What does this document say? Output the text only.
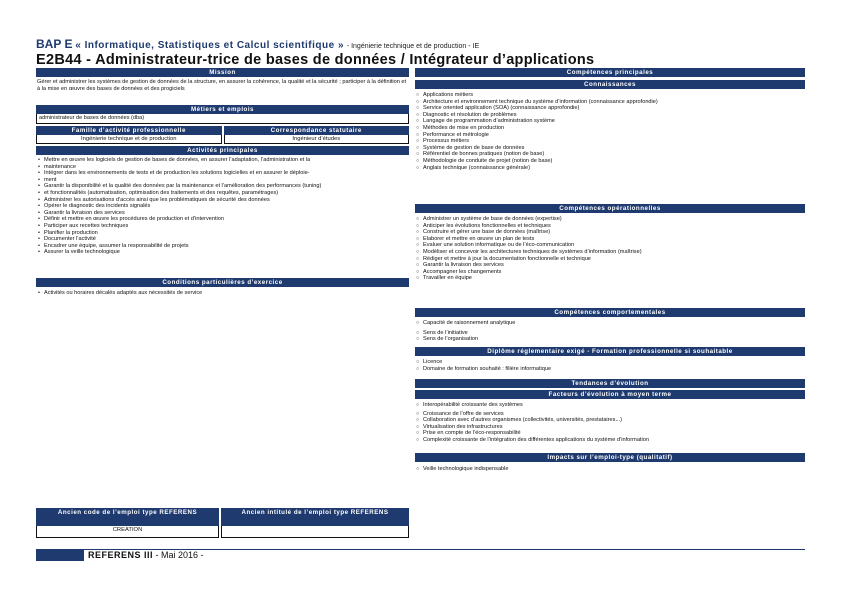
BAP E « Informatique, Statistiques et Calcul scientifique » - Ingénierie technique et de production - IE
E2B44 - Administrateur-trice de bases de données / Intégrateur d’applications
Mission
Gérer et administrer les systèmes de gestion de données de la structure, en assurer la cohérence, la qualité et la sécurité ; participer à la définition et à la mise en œuvre des bases de données et des progiciels
Métiers et emplois
administrateur de bases de données (dba)
Famille d’activité professionnelle	Correspondance statutaire
Ingénierie technique et de production	Ingénieur d’études
Activités principales
• Mettre en œuvre les logiciels de gestion de bases de données, en assurer l’adaptation, l’administration et la
• maintenance
• Intégrer dans les environnements de tests et de production les solutions logicielles et en assurer le déploie-
• ment
• Garantir la disponibilité et la qualité des données par la maintenance et l’amélioration des performances (tuning)
• et fonctionnalités (automatisation, optimisation des traitements et des requêtes, paramétrages)
• Administrer les autorisations d’accès ainsi que les problématiques de sécurité des données
• Opérer le diagnostic des incidents signalés
• Garantir la livraison des services
• Définir et mettre en œuvre les procédures de production et d’intervention
• Participer aux recettes techniques
• Planifier la production
• Documenter l’activité
• Encadrer une équipe, assumer la responsabilité de projets
• Assurer la veille technologique
Conditions particulières d’exercice
• Activités ou horaires décalés adaptés aux nécessités de service
Ancien code de l’emploi type REFERENS	Ancien intitulé de l’emploi type REFERENS
CREATION
Compétences principales
Connaissances
○ Applications métiers
○ Architecture et environnement technique du système d’information (connaissance approfondie)
○ Service oriented application (SOA) (connaissance approfondie)
○ Diagnostic et résolution de problèmes
○ Langage de programmation d’administration système
○ Méthodes de mise en production
○ Performance et métrologie
○ Processus métiers
○ Système de gestion de base de données
○ Référentiel de bonnes pratiques (notion de base)
○ Méthodologie de conduite de projet (notion de base)
○ Anglais technique (connaissance générale)
Compétences opérationnelles
○ Administrer un système de base de données (expertise)
○ Anticiper les évolutions fonctionnelles et techniques
○ Construire et gérer une base de données (maîtrise)
○ Elaborer et mettre en œuvre un plan de tests
○ Evaluer une solution informatique ou de l’éco-communication
○ Modéliser et concevoir les architectures techniques de systèmes d’information (maîtrise)
○ Rédiger et mettre à jour la documentation fonctionnelle et technique
○ Garantir la livraison des services
○ Accompagner les changements
○ Travailler en équipe
Compétences comportementales
○ Capacité de raisonnement analytique
○ Sens de l’initiative
○ Sens de l’organisation
Diplôme réglementaire exigé - Formation professionnelle si souhaitable
○ Licence
○ Domaine de formation souhaité : filière informatique
Tendances d’évolution
Facteurs d’évolution à moyen terme
○ Interopérabilité croissante des systèmes
○ Croissance de l’offre de services
○ Collaboration avec d’autres organismes (collectivités, universités, prestataires...)
○ Virtualisation des infrastructures
○ Prise en compte de l’éco-responsabilité
○ Complexité croissante de l’intégration des différentes applications du système d’information
Impacts sur l’emploi-type (qualitatif)
○ Veille technologique indispensable
REFERENS III - Mai 2016 -
